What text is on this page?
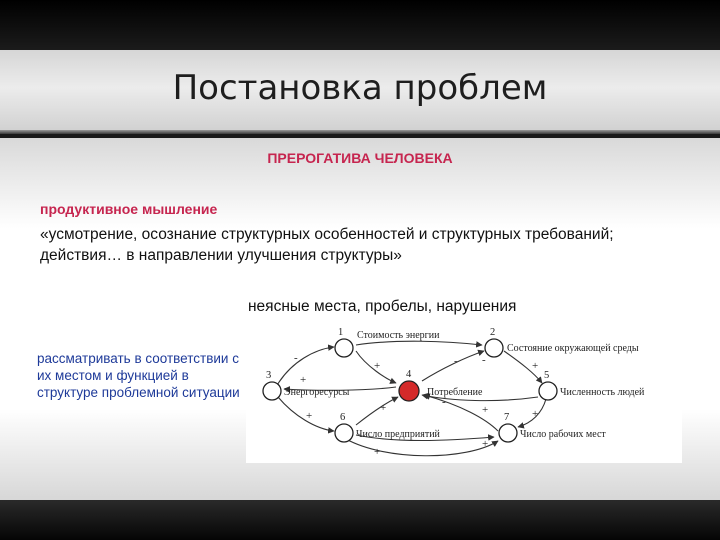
Постановка проблем
ПРЕРОГАТИВА ЧЕЛОВЕКА
продуктивное мышление
«усмотрение, осознание структурных особенностей и структурных требований; действия… в направлении улучшения структуры»
неясные места, пробелы, нарушения
рассматривать в соответствии с их местом и функцией в структуре проблемной ситуации
1	2
3	4	5
6	7
Стоимость энергии
Состояние окружающей среды
Энергоресурсы	Потребление	Численность людей
Число предприятий	Число рабочих мест
-
+
+	- -	+
+	+
-
+
+
+
+
